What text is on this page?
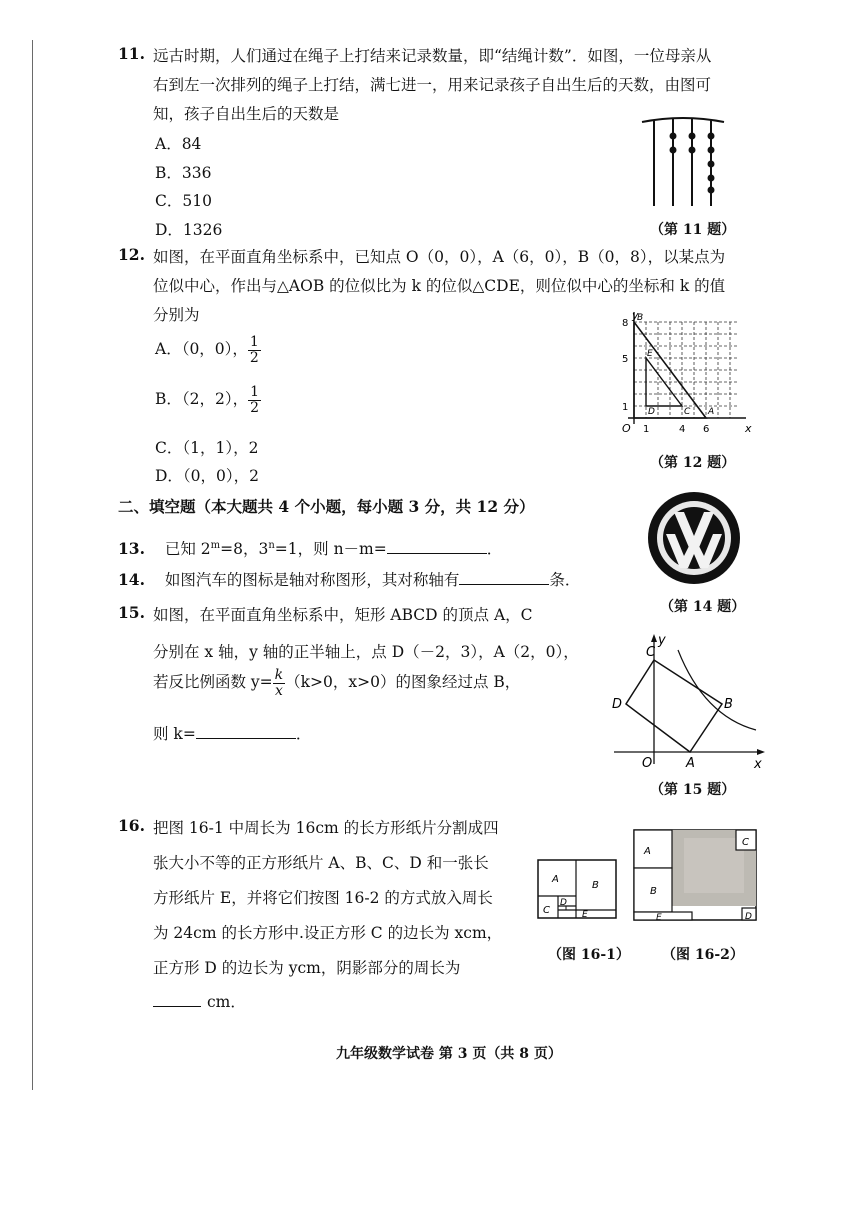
11. 远古时期，人们通过在绳子上打结来记录数量，即“结绳计数”．如图，一位母亲从
右到左一次排列的绳子上打结，满七进一，用来记录孩子自出生后的天数，由图可
知，孩子自出生后的天数是
A．84
B．336
C．510
D．1326	（第 11 题）
12. 如图，在平面直角坐标系中，已知点 O（0，0），A（6，0），B（0，8），以某点为
位似中心，作出与△AOB 的位似比为 k 的位似△CDE，则位似中心的坐标和 k 的值
分别为
A．（0，0）， $\frac{1}{2}$
B．（2，2）， $\frac{1}{2}$
C．（1，1），2
D．（0，0），2
y
x
O
8
5
1
1	4 6
B
E
D	C A
（第 12 题）
二、填空题（本大题共 4 个小题，每小题 3 分，共 12 分）
13. 已知 $2^m=8$，$3^n=1$，则 n－m=	．
14. 如图汽车的图标是轴对称图形，其对称轴有	条．
（第 14 题）
15. 如图，在平面直角坐标系中，矩形 ABCD 的顶点 A，C
分别在 x 轴，y 轴的正半轴上，点 D（－2，3），A（2，0），
若反比例函数 $y= \frac{k}{x} (k>0$，x>0）的图象经过点 B，
则 k=	．
C
D	B
A
O	x
y
（第 15 题）
16. 把图 16-1 中周长为 16cm 的长方形纸片分割成四
张大小不等的正方形纸片 A、B、C、D 和一张长
方形纸片 E，并将它们按图 16-2 的方式放入周长
为 24cm 的长方形中.设正方形 C 的边长为 xcm，
正方形 D 的边长为 ycm，阴影部分的周长为
cm．
A
B
C
D
E
（图 16-1）
A
B
C
D
E
（图 16-2）
九年级数学试卷 第 3 页（共 8 页）
